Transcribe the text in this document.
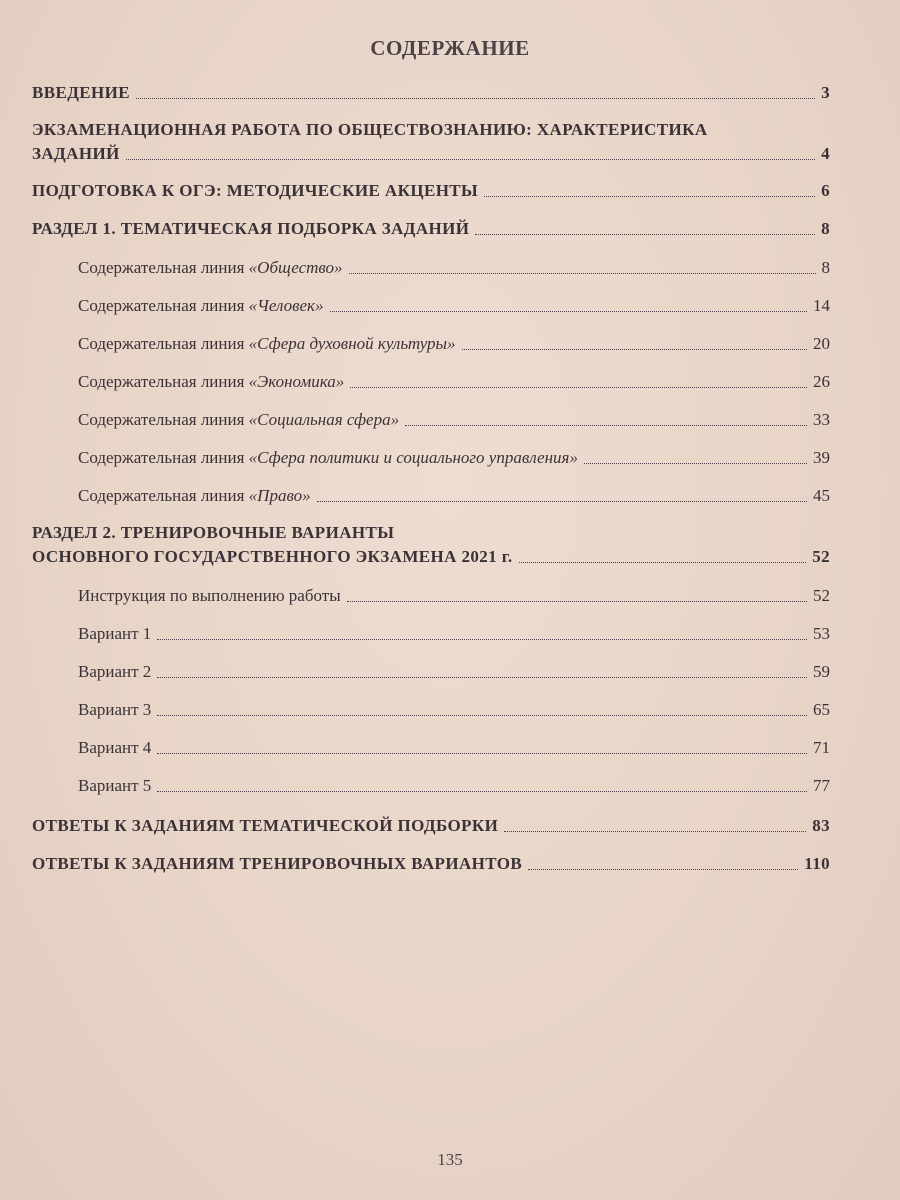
СОДЕРЖАНИЕ
ВВЕДЕНИЕ	3
ЭКЗАМЕНАЦИОННАЯ РАБОТА ПО ОБЩЕСТВОЗНАНИЮ: ХАРАКТЕРИСТИКА
ЗАДАНИЙ	4
ПОДГОТОВКА К ОГЭ: МЕТОДИЧЕСКИЕ АКЦЕНТЫ	6
РАЗДЕЛ 1. ТЕМАТИЧЕСКАЯ ПОДБОРКА ЗАДАНИЙ	8
Содержательная линия «Общество»	8
Содержательная линия «Человек»	14
Содержательная линия «Сфера духовной культуры»	20
Содержательная линия «Экономика»	26
Содержательная линия «Социальная сфера»	33
Содержательная линия «Сфера политики и социального управления»	39
Содержательная линия «Право»	45
РАЗДЕЛ 2. ТРЕНИРОВОЧНЫЕ ВАРИАНТЫ
ОСНОВНОГО ГОСУДАРСТВЕННОГО ЭКЗАМЕНА 2021 г.	52
Инструкция по выполнению работы	52
Вариант 1	53
Вариант 2	59
Вариант 3	65
Вариант 4	71
Вариант 5	77
ОТВЕТЫ К ЗАДАНИЯМ ТЕМАТИЧЕСКОЙ ПОДБОРКИ	83
ОТВЕТЫ К ЗАДАНИЯМ ТРЕНИРОВОЧНЫХ ВАРИАНТОВ	110
135
